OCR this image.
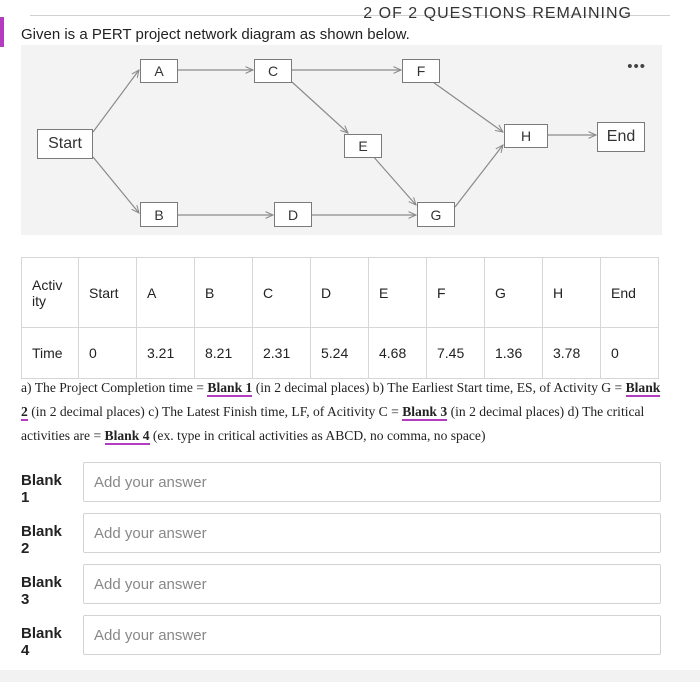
2 OF 2 QUESTIONS REMAINING
Given is a PERT project network diagram as shown below.
Start
A	C	F
E
H	End
B	D	G
•••
Activ ity	Start	A	B	C	D	E	F	G	H	End
Time	0	3.21	8.21	2.31	5.24	4.68	7.45	1.36	3.78	0
a) The Project Completion time = Blank 1 (in 2 decimal places) b) The Earliest Start time, ES, of Activity G = Blank 2 (in 2 decimal places) c) The Latest Finish time, LF, of Acitivity C = Blank 3 (in 2 decimal places) d) The critical activities are = Blank 4 (ex. type in critical activities as ABCD, no comma, no space)
Blank 1
Add your answer
Blank 2
Add your answer
Blank 3
Add your answer
Blank 4
Add your answer
